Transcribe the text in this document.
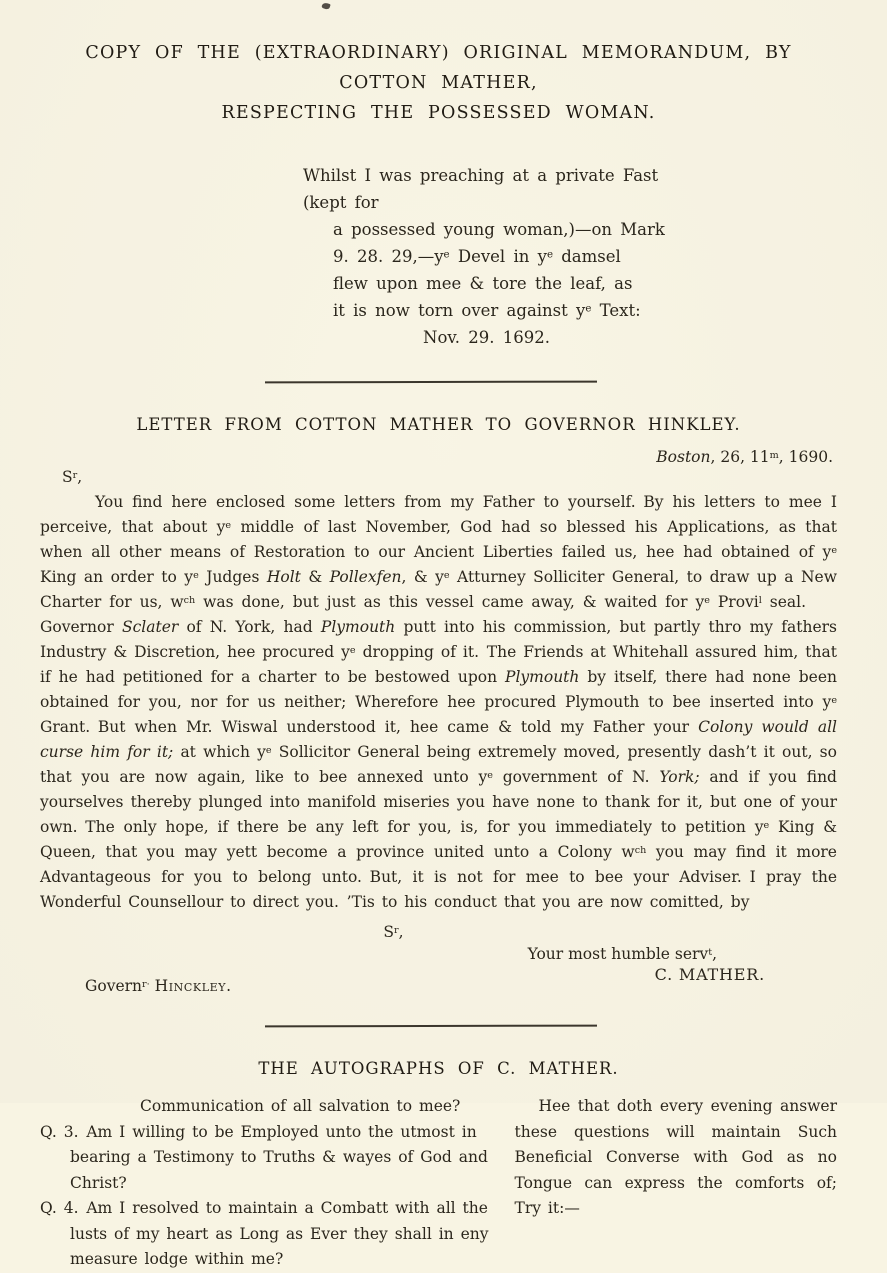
COPY OF THE (EXTRAORDINARY) ORIGINAL MEMORANDUM, BY COTTON MATHER,
RESPECTING THE POSSESSED WOMAN.
Whilst I was preaching at a private Fast (kept for
a possessed young woman,)—on Mark
9. 28. $29,—y^e$ Devel in $y^e$ damsel
flew upon mee & tore the leaf, as
it is now torn over against $y^e$ Text:
Nov. 29. 1692.
LETTER FROM COTTON MATHER TO GOVERNOR HINKLEY.
Boston, 26, 11$^m$, 1690.
$S^r$,

You find here enclosed some letters from my Father to yourself. By his letters to mee I perceive, that about $y^e$ middle of last November, God had so blessed his Applications, as that when all other means of Restoration to our Ancient Liberties failed us, hee had obtained of $y^e$ King an order to $y^e$ Judges Holt & Pollexfen, & $y^e$ Atturney Solliciter General, to draw up a New Charter for us, $w^{ch}$ was done, but just as this vessel came away, & waited for $y^e$ Provi$^l$ seal.  Governor Sclater of N. York, had Plymouth putt into his commission, but partly thro my fathers Industry & Discretion, hee procured $y^e$ dropping of it. The Friends at Whitehall assured him, that if he had petitioned for a charter to be bestowed upon Plymouth by itself, there had none been obtained for you, nor for us neither; Wherefore hee procured Plymouth to bee inserted into $y^e$ Grant. But when Mr. Wiswal understood it, hee came & told my Father your Colony would all curse him for it; at which $y^e$ Sollicitor General being extremely moved, presently dash’t it out, so that you are now again, like to bee annexed unto $y^e$ government of N. York; and if you find yourselves thereby plunged into manifold miseries you have none to thank for it, but one of your own. The only hope, if there be any left for you, is, for you immediately to petition $y^e$ King & Queen, that you may yett become a province united unto a Colony $w^{ch}$ you may find it more Advantageous for you to belong unto. But, it is not for mee to bee your Adviser. I pray the Wonderful Counsellour to direct you. ’Tis to his conduct that you are now comitted, by

$S^r$,
Your most humble serv$^t$,
Govern$^{r\cdot}$ Hinckley.
C. MATHER.
THE AUTOGRAPHS OF C. MATHER.
Communication of all salvation to mee?
Q. 3. Am I willing to be Employed unto the utmost in bearing a Testimony to Truths & wayes of God and Christ?
Q. 4. Am I resolved to maintain a Combatt with all the lusts of my heart as Long as Ever they shall in eny measure lodge within me?
Hee that doth every evening answer these questions will maintain Such Beneficial Converse with God as no Tongue can express the comforts of; Try it:—
